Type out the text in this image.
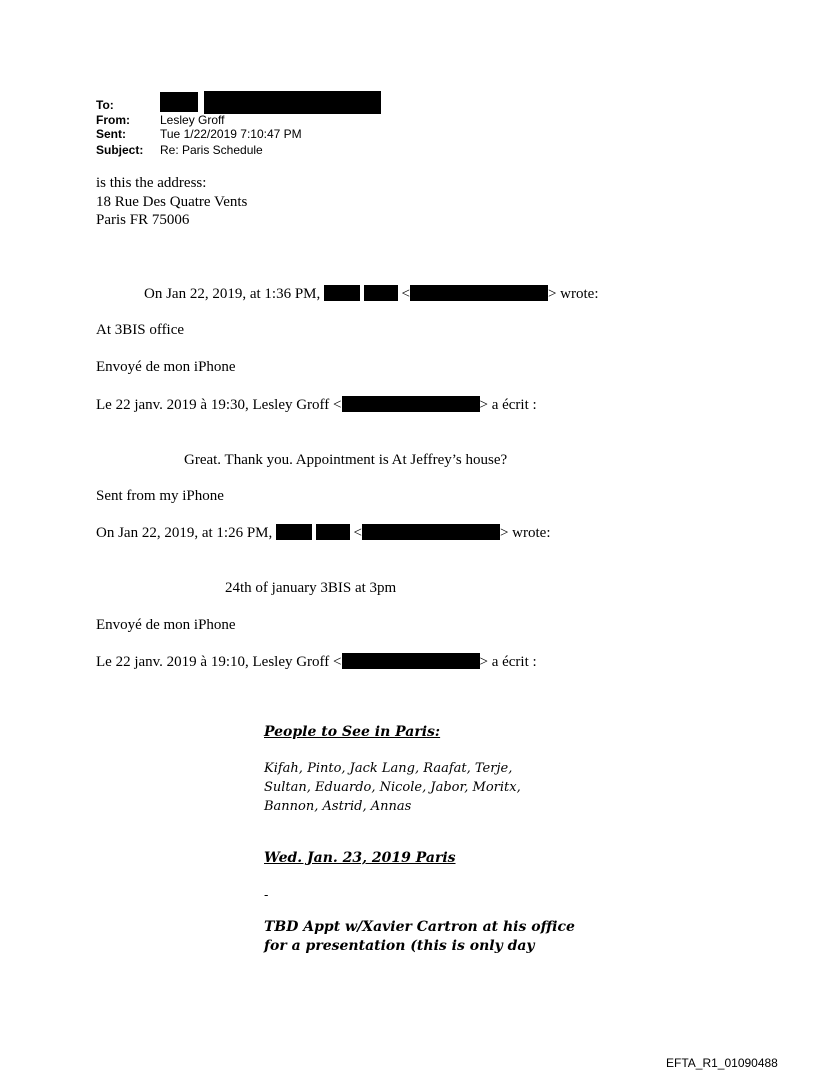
To:
From:	Lesley Groff
Sent:	Tue 1/22/2019 7:10:47 PM
Subject: Re: Paris Schedule
is this the address:
18 Rue Des Quatre Vents
Paris FR 75006
On Jan 22, 2019, at 1:36 PM,	<	> wrote:
At 3BIS office
Envoyé de mon iPhone
Le 22 janv. 2019 à 19:30, Lesley Groff <	> a écrit :
Great. Thank you. Appointment is At Jeffrey’s house?
Sent from my iPhone
On Jan 22, 2019, at 1:26 PM,	<	> wrote:
24th of january 3BIS at 3pm
Envoyé de mon iPhone
Le 22 janv. 2019 à 19:10, Lesley Groff <	> a écrit :
People to See in Paris:
Kifah, Pinto, Jack Lang, Raafat, Terje,
Sultan, Eduardo, Nicole, Jabor, Moritx,
Bannon, Astrid, Annas
Wed. Jan. 23, 2019 Paris
-
TBD Appt w/Xavier Cartron at his office
for a presentation (this is only day
EFTA_R1_01090488
